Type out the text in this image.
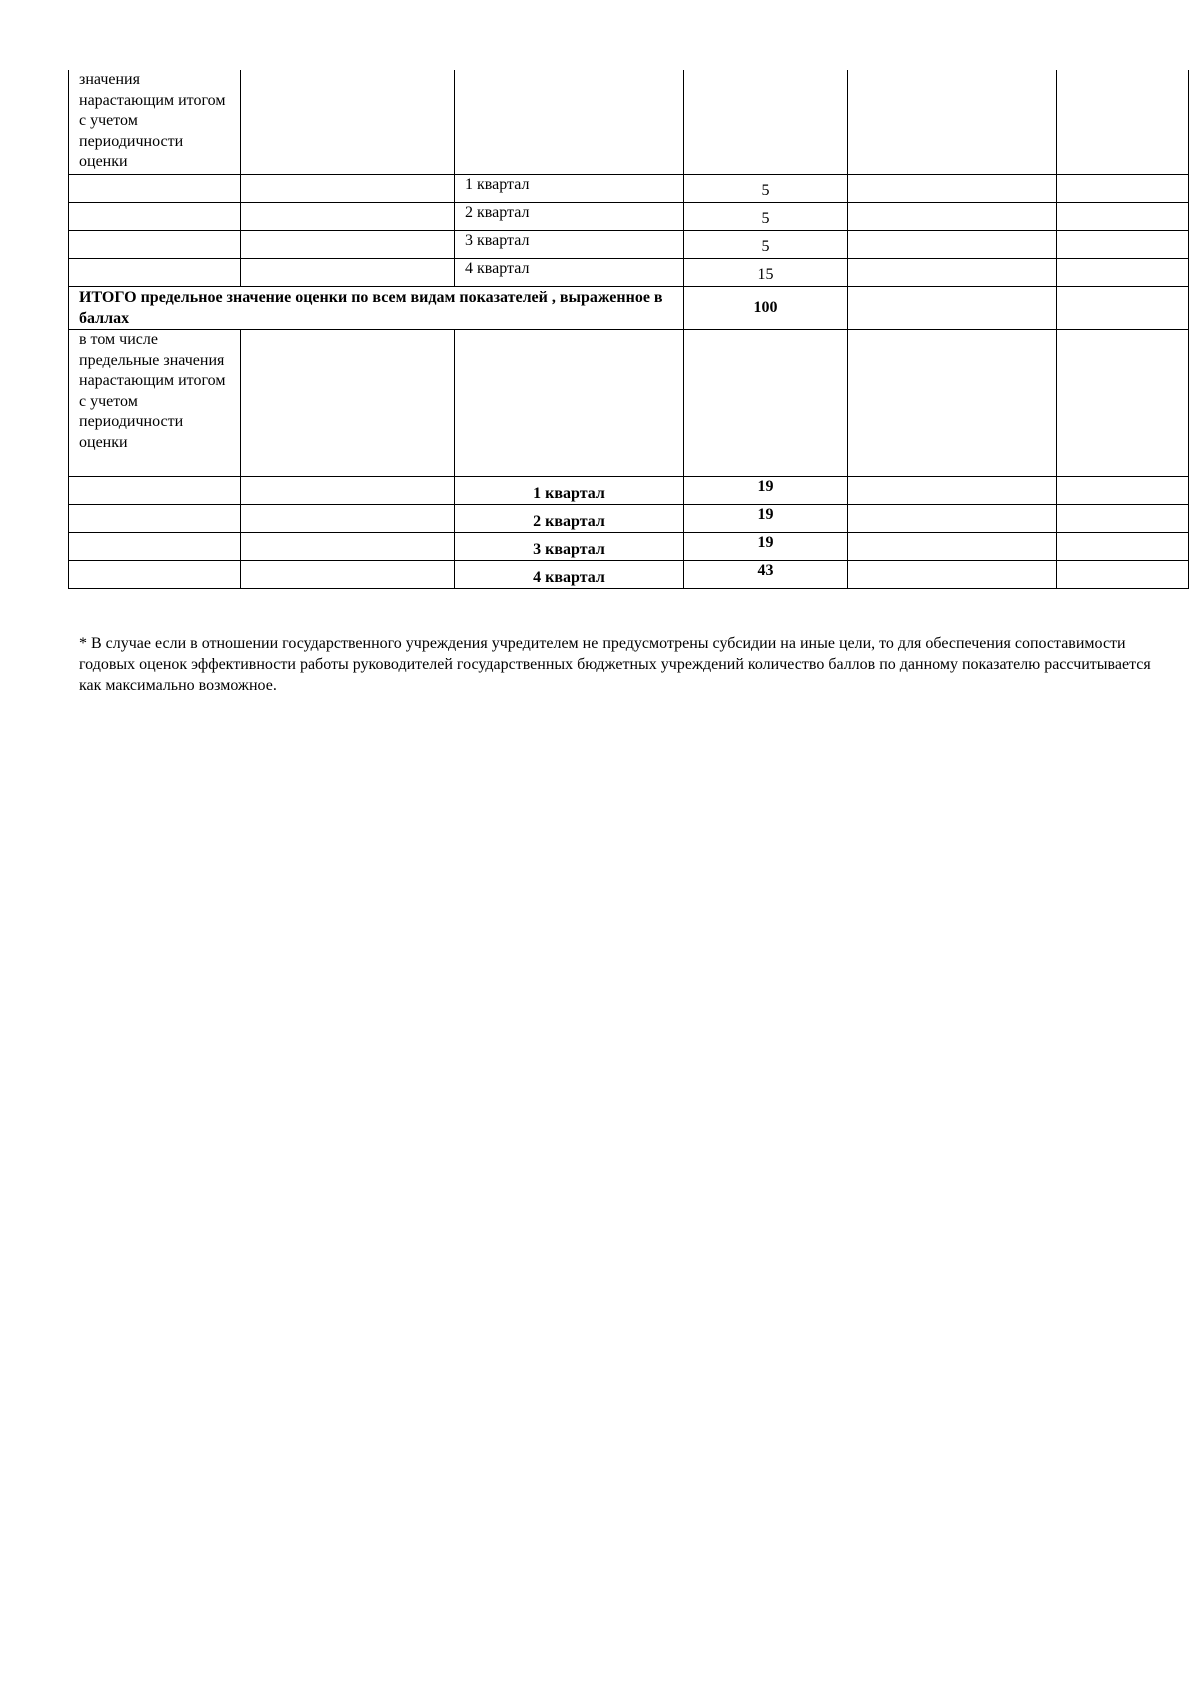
значения нарастающим итогом с учетом периодичности оценки					
		1 квартал	5		
		2 квартал	5		
		3 квартал	5		
		4 квартал	15		
ИТОГО предельное значение оценки по всем видам показателей , выраженное в баллах			100		
в том числе предельные значения нарастающим итогом с учетом периодичности оценки					
		1 квартал	19		
		2 квартал	19		
		3 квартал	19		
		4 квартал	43		
* В случае если в отношении государственного учреждения учредителем не предусмотрены субсидии на иные цели, то для обеспечения сопоставимости годовых оценок эффективности работы руководителей государственных бюджетных учреждений количество баллов по данному показателю рассчитывается как максимально возможное.
